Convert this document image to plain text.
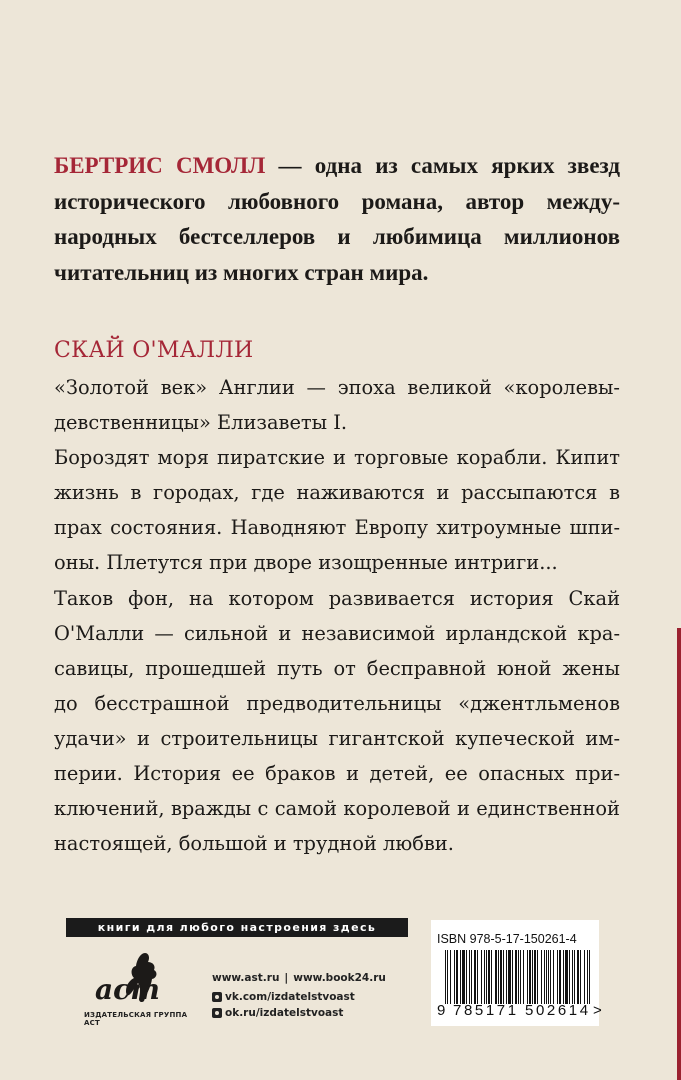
БЕРТРИС СМОЛЛ — одна из самых ярких звезд исторического любовного романа, автор международных бестселлеров и любимица миллионов читательниц из многих стран мира.

СКАЙ О'МАЛЛИ

«Золотой век» Англии — эпоха великой «королевы-девственницы» Елизаветы I.

Бороздят моря пиратские и торговые корабли. Кипит жизнь в городах, где наживаются и рассыпаются в прах состояния. Наводняют Европу хитроумные шпионы. Плетутся при дворе изощренные интриги...

Таков фон, на котором развивается история Скай О'Малли — сильной и независимой ирландской красавицы, прошедшей путь от бесправной юной жены до бесстрашной предводительницы «джентльменов удачи» и строительницы гигантской купеческой империи. История ее браков и детей, ее опасных приключений, вражды с самой королевой и единственной настоящей, большой и трудной любви.

книги для любого настроения здесь
аст
ИЗДАТЕЛЬСКАЯ ГРУППА АСТ
www.ast.ru | www.book24.ru
vk.com/izdatelstvoast
ok.ru/izdatelstvoast
ISBN 978-5-17-150261-4
9 785171 502614 >
